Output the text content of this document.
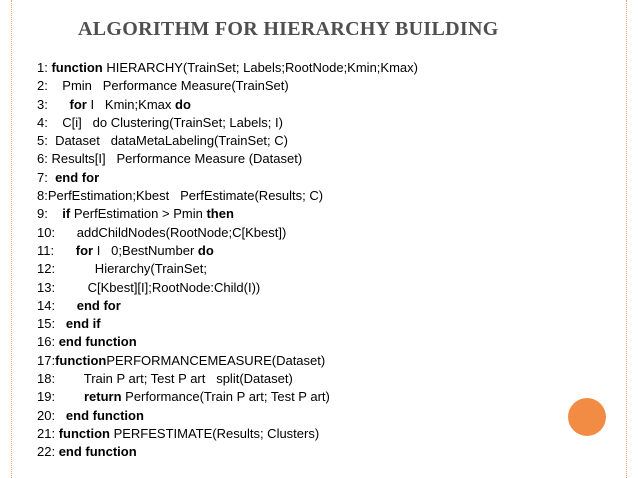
ALGORITHM FOR HIERARCHY BUILDING
1: function HIERARCHY(TrainSet; Labels;RootNode;Kmin;Kmax)
2:    Pmin   Performance Measure(TrainSet)
3:      for I   Kmin;Kmax do
4:    C[i]   do Clustering(TrainSet; Labels; I)
5:  Dataset   dataMetaLabeling(TrainSet; C)
6: Results[I]   Performance Measure (Dataset)
7:  end for
8:PerfEstimation;Kbest   PerfEstimate(Results; C)
9:    if PerfEstimation > Pmin then
10:      addChildNodes(RootNode;C[Kbest])
11:      for I   0;BestNumber do
12:           Hierarchy(TrainSet;
13:         C[Kbest][I];RootNode:Child(I))
14:      end for
15:   end if
16: end function
17:functionPERFORMANCEMEASURE(Dataset)
18:        Train P art; Test P art   split(Dataset)
19:        return Performance(Train P art; Test P art)
20:   end function
21: function PERFESTIMATE(Results; Clusters)
22: end function
